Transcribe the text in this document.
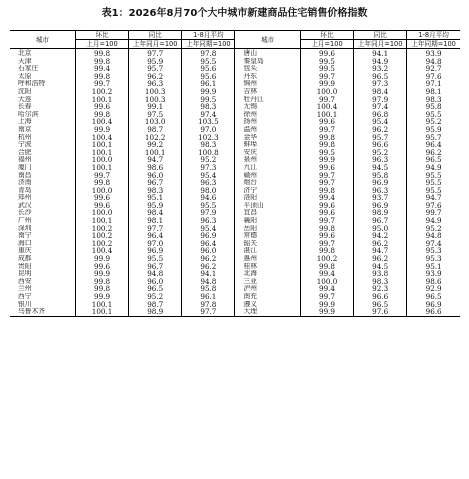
表1：2026年8月70个大中城市新建商品住宅销售价格指数
城市	环比	同比	1-8月平均	城市	环比	同比	1-8月平均
	上月=100	上年同月=100	上年同期=100		上月=100	上年同月=100	上年同期=100
北京	99.8	97.7	97.8	唐山	99.6	94.1	93.9
天津	99.8	95.9	95.5	秦皇岛	99.5	94.9	94.8
石家庄	99.4	95.7	95.6	包头	99.5	93.2	92.7
太原	99.8	96.2	95.6	丹东	99.7	96.5	97.6
呼和浩特	99.7	96.3	96.1	锦州	99.9	97.3	97.1
沈阳	100.2	100.3	99.9	吉林	100.0	98.4	98.1
大连	100.1	100.3	99.5	牡丹江	99.7	97.9	98.3
长春	99.6	99.1	98.3	无锡	100.4	97.4	95.8
哈尔滨	99.8	97.5	97.4	徐州	100.1	96.8	95.5
上海	100.4	103.0	103.5	扬州	99.6	95.4	95.2
南京	99.9	98.7	97.0	温州	99.7	96.2	95.9
杭州	100.4	102.2	102.3	金华	99.8	95.7	95.7
宁波	100.1	99.2	98.3	蚌埠	99.8	96.6	96.4
合肥	100.1	100.1	100.8	安庆	99.5	95.2	96.2
福州	100.0	94.7	95.2	泉州	99.9	96.3	96.5
厦门	100.1	98.6	97.3	九江	99.6	94.5	94.9
南昌	99.7	96.0	95.4	赣州	99.7	95.8	95.5
济南	99.8	96.7	96.3	烟台	99.7	96.9	95.5
青岛	100.0	98.3	98.0	济宁	99.8	96.3	95.5
郑州	99.6	95.1	94.6	洛阳	99.4	93.7	94.7
武汉	99.6	95.9	95.5	平顶山	99.6	96.9	97.6
长沙	100.0	98.4	97.9	宜昌	99.6	98.9	99.7
广州	100.1	98.1	96.3	襄阳	99.7	96.7	94.9
深圳	100.2	97.7	95.4	岳阳	99.8	95.0	95.2
南宁	100.2	96.4	96.9	常德	99.6	94.2	94.8
海口	100.2	97.0	96.4	韶关	99.7	96.2	97.4
重庆	100.4	96.9	96.0	湛江	99.8	94.7	95.3
成都	99.9	95.5	96.2	惠州	100.2	96.2	95.3
贵阳	99.6	96.7	96.2	桂林	99.8	94.5	95.1
昆明	99.9	94.8	94.1	北海	99.4	93.8	93.9
西安	99.8	96.0	94.8	三亚	100.0	98.3	98.6
兰州	99.8	96.5	95.8	泸州	99.4	92.3	92.9
西宁	99.9	95.2	96.1	南充	99.7	96.6	96.5
银川	100.1	98.7	97.8	遵义	99.9	96.5	96.9
乌鲁木齐	100.1	98.9	97.7	大理	99.9	97.6	96.6
